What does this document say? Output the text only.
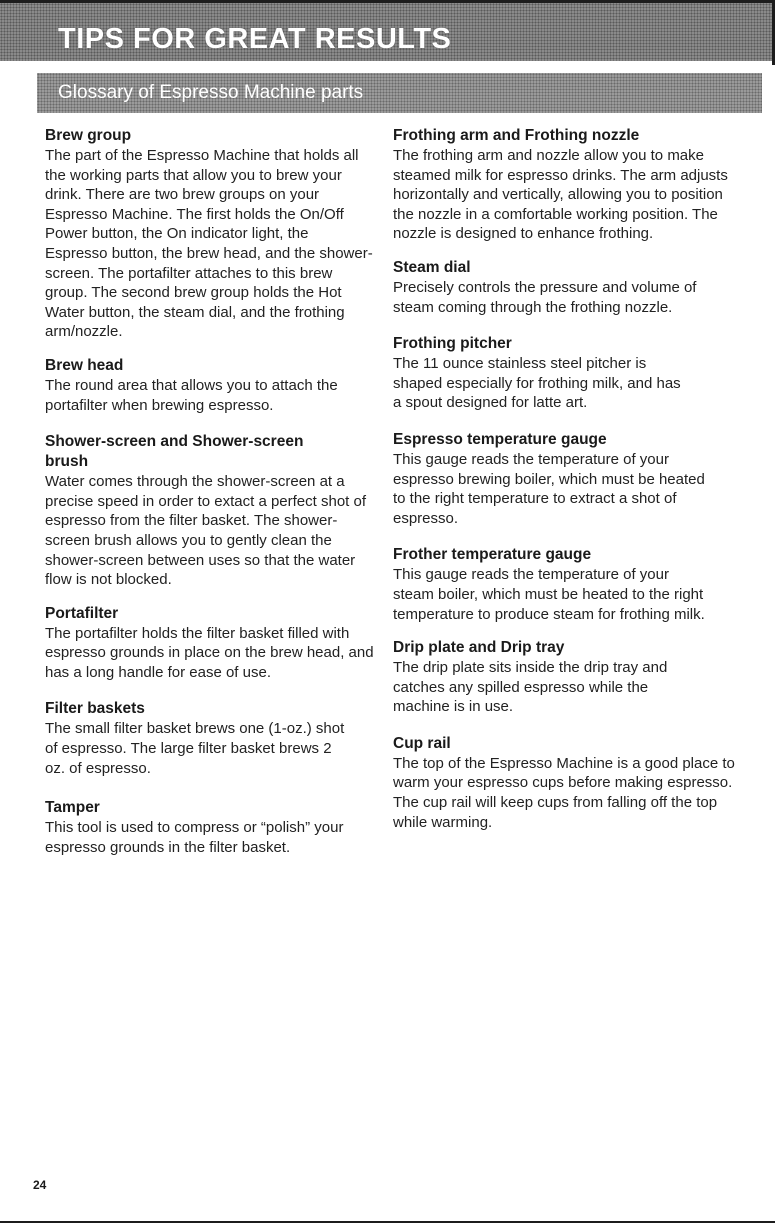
TIPS FOR GREAT RESULTS
Glossary of Espresso Machine parts

Brew group

The part of the Espresso Machine that holds all the working parts that allow you to brew your drink. There are two brew groups on your Espresso Machine. The first holds the On/Off Power button, the On indicator light, the Espresso button, the brew head, and the shower-screen. The portafilter attaches to this brew group. The second brew group holds the Hot Water button, the steam dial, and the frothing arm/nozzle.

Brew head

The round area that allows you to attach the portafilter when brewing espresso.

Shower-screen and Shower-screen brush

Water comes through the shower-screen at a precise speed in order to extact a perfect shot of espresso from the filter basket. The shower-screen brush allows you to gently clean the shower-screen between uses so that the water flow is not blocked.

Portafilter

The portafilter holds the filter basket filled with espresso grounds in place on the brew head, and has a long handle for ease of use.

Filter baskets

The small filter basket brews one (1-oz.) shot of espresso. The large filter basket brews 2 oz. of espresso.

Tamper

This tool is used to compress or “polish” your espresso grounds in the filter basket.

Frothing arm and Frothing nozzle

The frothing arm and nozzle allow you to make steamed milk for espresso drinks. The arm adjusts horizontally and vertically, allowing you to position the nozzle in a comfortable working position. The nozzle is designed to enhance frothing.

Steam dial

Precisely controls the pressure and volume of steam coming through the frothing nozzle.

Frothing pitcher

The 11 ounce stainless steel pitcher is shaped especially for frothing milk, and has a spout designed for latte art.

Espresso temperature gauge

This gauge reads the temperature of your espresso brewing boiler, which must be heated to the right temperature to extract a shot of espresso.

Frother temperature gauge

This gauge reads the temperature of your steam boiler, which must be heated to the right temperature to produce steam for frothing milk.

Drip plate and Drip tray

The drip plate sits inside the drip tray and catches any spilled espresso while the machine is in use.

Cup rail

The top of the Espresso Machine is a good place to warm your espresso cups before making espresso. The cup rail will keep cups from falling off the top while warming.

24
